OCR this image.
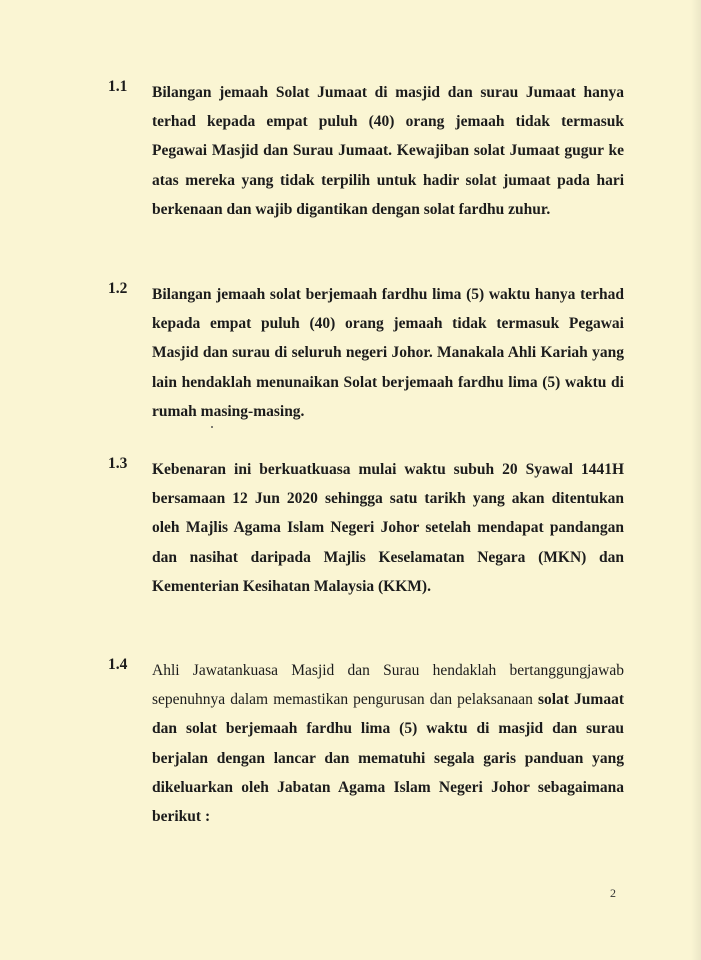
1.1 Bilangan jemaah Solat Jumaat di masjid dan surau Jumaat hanya terhad kepada empat puluh (40) orang jemaah tidak termasuk Pegawai Masjid dan Surau Jumaat. Kewajiban solat Jumaat gugur ke atas mereka yang tidak terpilih untuk hadir solat jumaat pada hari berkenaan dan wajib digantikan dengan solat fardhu zuhur.

1.2 Bilangan jemaah solat berjemaah fardhu lima (5) waktu hanya terhad kepada empat puluh (40) orang jemaah tidak termasuk Pegawai Masjid dan surau di seluruh negeri Johor. Manakala Ahli Kariah yang lain hendaklah menunaikan Solat berjemaah fardhu lima (5) waktu di rumah masing-masing.

1.3 Kebenaran ini berkuatkuasa mulai waktu subuh 20 Syawal 1441H bersamaan 12 Jun 2020 sehingga satu tarikh yang akan ditentukan oleh Majlis Agama Islam Negeri Johor setelah mendapat pandangan dan nasihat daripada Majlis Keselamatan Negara (MKN) dan Kementerian Kesihatan Malaysia (KKM).

1.4 Ahli Jawatankuasa Masjid dan Surau hendaklah bertanggungjawab sepenuhnya dalam memastikan pengurusan dan pelaksanaan solat Jumaat dan solat berjemaah fardhu lima (5) waktu di masjid dan surau berjalan dengan lancar dan mematuhi segala garis panduan yang dikeluarkan oleh Jabatan Agama Islam Negeri Johor sebagaimana berikut :

2
